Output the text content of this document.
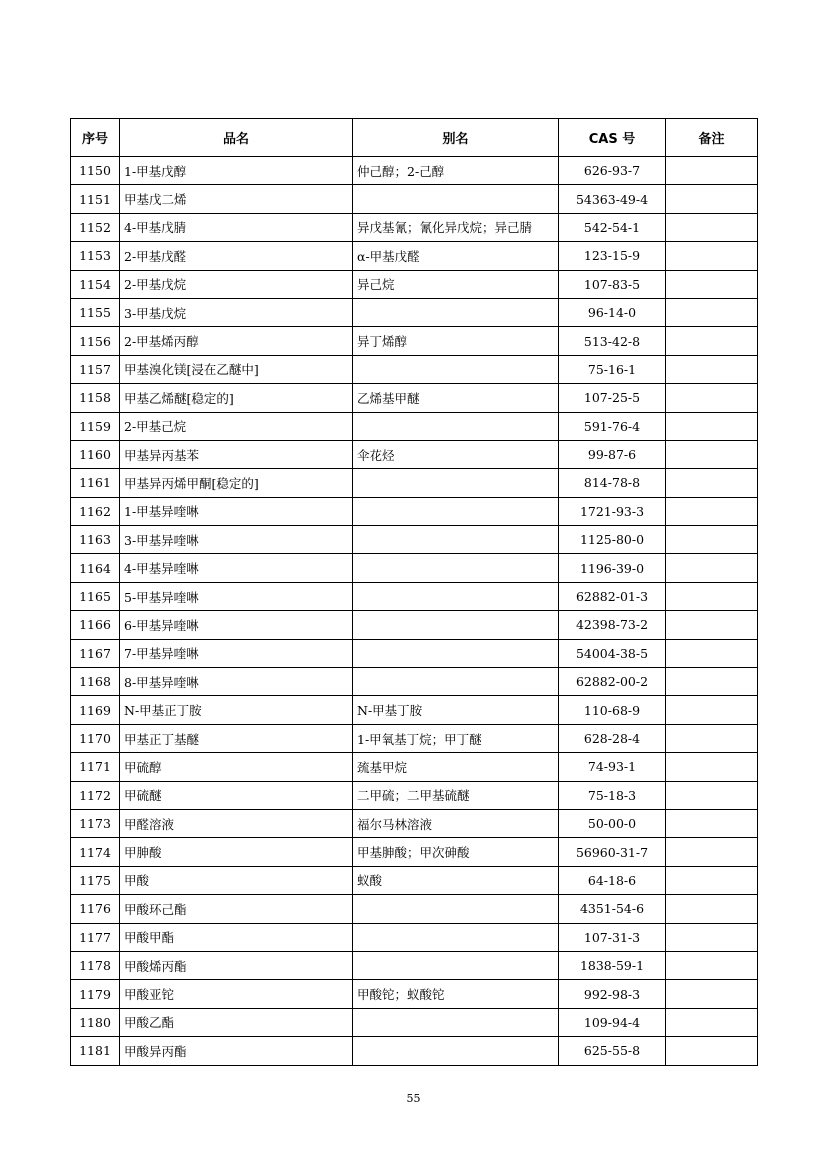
序号	品名	别名	CAS 号	备注
1150	1-甲基戊醇	仲己醇；2-己醇	626-93-7	
1151	甲基戊二烯		54363-49-4	
1152	4-甲基戊腈	异戊基氰；氰化异戊烷；异己腈	542-54-1	
1153	2-甲基戊醛	α-甲基戊醛	123-15-9	
1154	2-甲基戊烷	异己烷	107-83-5	
1155	3-甲基戊烷		96-14-0	
1156	2-甲基烯丙醇	异丁烯醇	513-42-8	
1157	甲基溴化镁[浸在乙醚中]		75-16-1	
1158	甲基乙烯醚[稳定的]	乙烯基甲醚	107-25-5	
1159	2-甲基己烷		591-76-4	
1160	甲基异丙基苯	伞花烃	99-87-6	
1161	甲基异丙烯甲酮[稳定的]		814-78-8	
1162	1-甲基异喹啉		1721-93-3	
1163	3-甲基异喹啉		1125-80-0	
1164	4-甲基异喹啉		1196-39-0	
1165	5-甲基异喹啉		62882-01-3	
1166	6-甲基异喹啉		42398-73-2	
1167	7-甲基异喹啉		54004-38-5	
1168	8-甲基异喹啉		62882-00-2	
1169	N-甲基正丁胺	N-甲基丁胺	110-68-9	
1170	甲基正丁基醚	1-甲氧基丁烷；甲丁醚	628-28-4	
1171	甲硫醇	巯基甲烷	74-93-1	
1172	甲硫醚	二甲硫；二甲基硫醚	75-18-3	
1173	甲醛溶液	福尔马林溶液	50-00-0	
1174	甲胂酸	甲基胂酸；甲次砷酸	56960-31-7	
1175	甲酸	蚁酸	64-18-6	
1176	甲酸环己酯		4351-54-6	
1177	甲酸甲酯		107-31-3	
1178	甲酸烯丙酯		1838-59-1	
1179	甲酸亚铊	甲酸铊；蚁酸铊	992-98-3	
1180	甲酸乙酯		109-94-4	
1181	甲酸异丙酯		625-55-8	
55
